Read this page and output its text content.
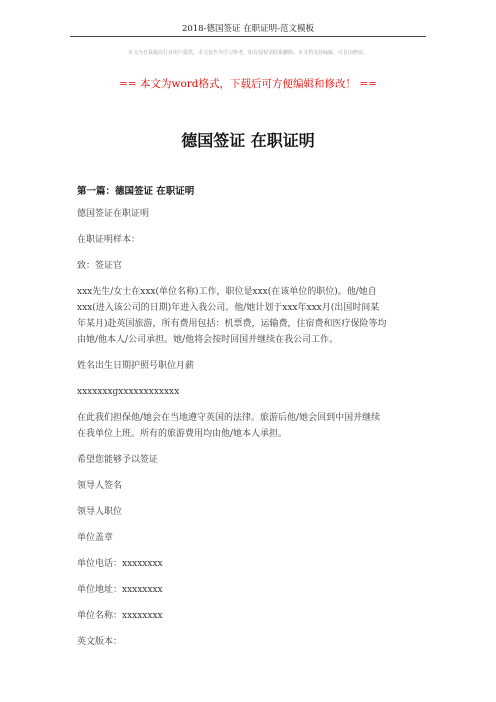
2018-德国签证 在职证明-范文模板
本文为自我提高行业用户提供，本文仅作为学习参考，如有侵权请联系删除。本文档支持编辑，可自由修改。
== 本文为word格式，下载后可方便编辑和修改！ ==
德国签证 在职证明
第一篇：德国签证 在职证明
德国签证在职证明
在职证明样本：
致：签证官
xxx先生/女士在xxx(单位名称)工作，职位是xxx(在该单位的职位)。他/她自
xxx(进入该公司的日期)年进入我公司。他/她计划于xxx年xxx月(出国时间某
年某月)赴英国旅游，所有费用包括：机票费，运输费，住宿费和医疗保险等均
由她/他本人/公司承担。她/他将会按时回国并继续在我公司工作。
姓名出生日期护照号职位月薪
xxxxxxxgxxxxxxxxxxxx
在此我们担保他/她会在当地遵守英国的法律。旅游后他/她会回到中国并继续
在我单位上班。所有的旅游费用均由他/她本人承担。
希望您能够予以签证
领导人签名
领导人职位
单位盖章
单位电话：xxxxxxxx
单位地址：xxxxxxxx
单位名称：xxxxxxxx
英文版本：
